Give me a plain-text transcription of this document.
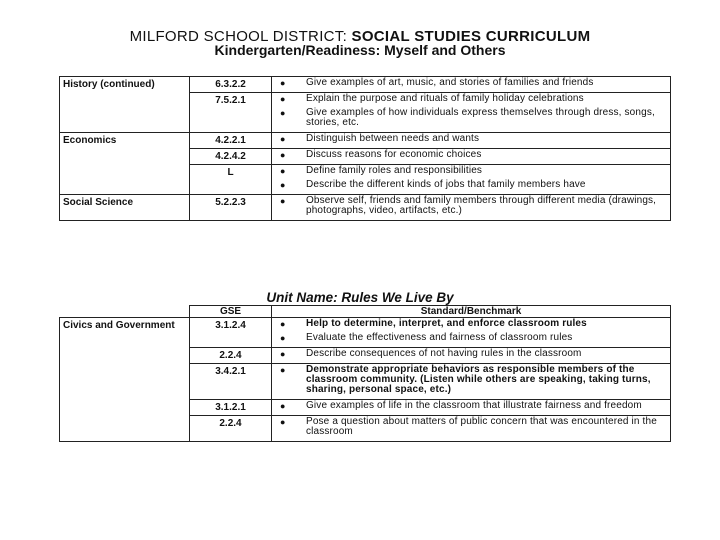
MILFORD SCHOOL DISTRICT: SOCIAL STUDIES CURRICULUM
Kindergarten/Readiness: Myself and Others
History (continued)	6.3.2.2	● Give examples of art, music, and stories of families and friends

	7.5.2.1	● Explain the purpose and rituals of family holiday celebrations
● Give examples of how individuals express themselves through dress, songs, stories, etc.

Economics	4.2.2.1	● Distinguish between needs and wants

	4.2.4.2	● Discuss reasons for economic choices

	L	● Define family roles and responsibilities
● Describe the different kinds of jobs that family members have

Social Science	5.2.2.3	● Observe self, friends and family members through different media (drawings, photographs, video, artifacts, etc.)
Unit Name: Rules We Live By
	GSE	Standard/Benchmark
Civics and Government	3.1.2.4	● Help to determine, interpret, and enforce classroom rules
● Evaluate the effectiveness and fairness of classroom rules

	2.2.4	● Describe consequences of not having rules in the classroom

	3.4.2.1	● Demonstrate appropriate behaviors as responsible members of the classroom community. (Listen while others are speaking, taking turns, sharing, personal space, etc.)

	3.1.2.1	● Give examples of life in the classroom that illustrate fairness and freedom

	2.2.4	● Pose a question about matters of public concern that was encountered in the classroom
